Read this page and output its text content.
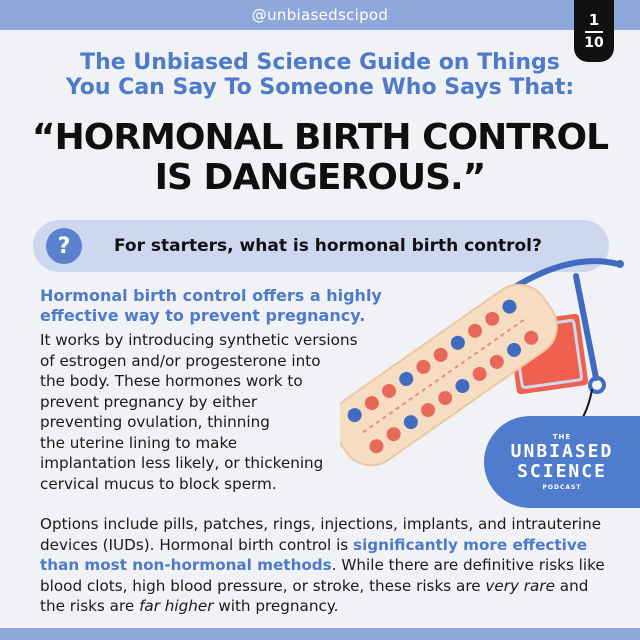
@unbiasedscipod	1
10
The Unbiased Science Guide on Things
You Can Say To Someone Who Says That:
“HORMONAL BIRTH CONTROL
IS DANGEROUS.”
?	For starters, what is hormonal birth control?
Hormonal birth control offers a highly
effective way to prevent pregnancy.
It works by introducing synthetic versions
of estrogen and/or progesterone into
the body. These hormones work to
prevent pregnancy by either
preventing ovulation, thinning
the uterine lining to make
implantation less likely, or thickening
cervical mucus to block sperm.
THE
UNBIASED
SCIENCE
PODCAST
Options include pills, patches, rings, injections, implants, and intrauterine devices (IUDs). Hormonal birth control is significantly more effective than most non-hormonal methods. While there are definitive risks like blood clots, high blood pressure, or stroke, these risks are very rare and the risks are far higher with pregnancy.
